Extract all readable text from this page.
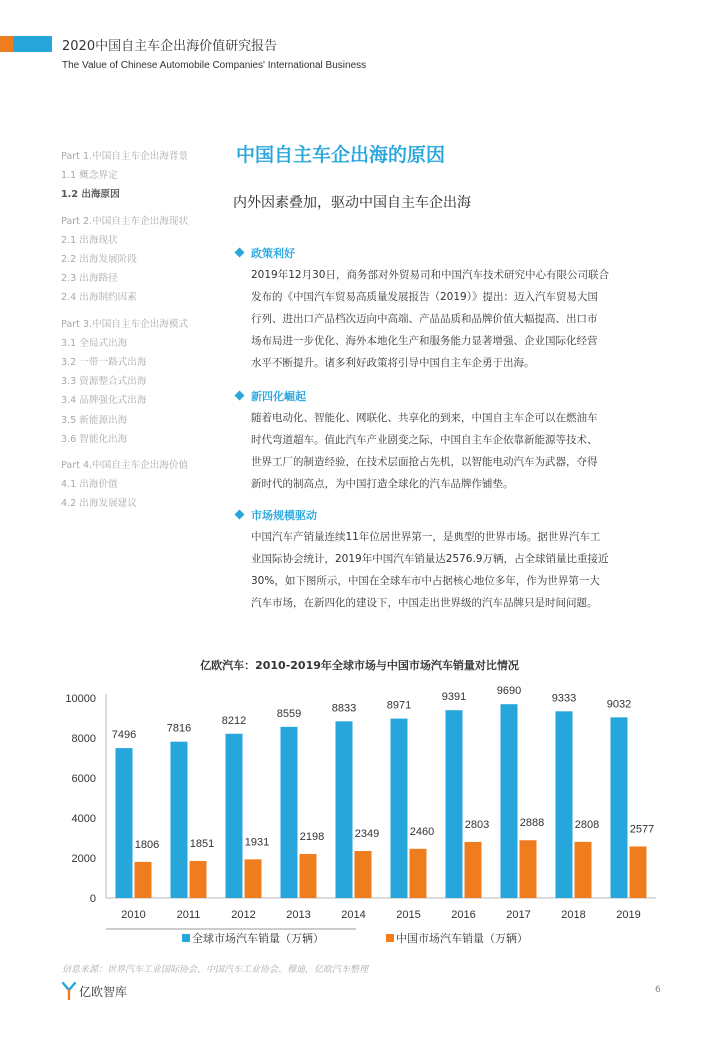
2020中国自主车企出海价值研究报告
The Value of Chinese Automobile Companies' International Business
Part 1.中国自主车企出海背景
1.1 概念界定
1.2 出海原因
Part 2.中国自主车企出海现状
2.1 出海现状
2.2 出海发展阶段
2.3 出海路径
2.4 出海制约因素
Part 3.中国自主车企出海模式
3.1 全局式出海
3.2 一带一路式出海
3.3 资源整合式出海
3.4 品牌强化式出海
3.5 新能源出海
3.6 智能化出海
Part 4.中国自主车企出海价值
4.1 出海价值
4.2 出海发展建议
中国自主车企出海的原因
内外因素叠加，驱动中国自主车企出海
政策利好
2019年12月30日，商务部对外贸易司和中国汽车技术研究中心有限公司联合
发布的《中国汽车贸易高质量发展报告（2019）》提出：迈入汽车贸易大国
行列、进出口产品档次迈向中高端、产品品质和品牌价值大幅提高、出口市
场布局进一步优化、海外本地化生产和服务能力显著增强、企业国际化经营
水平不断提升。诸多利好政策将引导中国自主车企勇于出海。
新四化崛起
随着电动化、智能化、网联化、共享化的到来，中国自主车企可以在燃油车
时代弯道超车。值此汽车产业剧变之际，中国自主车企依靠新能源等技术、
世界工厂的制造经验，在技术层面抢占先机，以智能电动汽车为武器，夺得
新时代的制高点，为中国打造全球化的汽车品牌作铺垫。
市场规模驱动
中国汽车产销量连续11年位居世界第一，是典型的世界市场。据世界汽车工
业国际协会统计，2019年中国汽车销量达2576.9万辆，占全球销量比重接近
30%，如下图所示，中国在全球车市中占据核心地位多年，作为世界第一大
汽车市场，在新四化的建设下，中国走出世界级的汽车品牌只是时间问题。
亿欧汽车：2010-2019年全球市场与中国市场汽车销量对比情况
0
2000
4000
6000
8000
10000
7496
1806
2010
7816
1851
2011
8212
1931
2012
8559
2198
2013
8833
2349
2014
8971
2460
2015
9391
2803
2016
9690
2888
2017
9333
2808
2018
9032
2577
2019
全球市场汽车销量（万辆）	中国市场汽车销量（万辆）
信息来源：世界汽车工业国际协会、中国汽车工业协会、穆迪，亿欧汽车整理
亿欧智库	6
